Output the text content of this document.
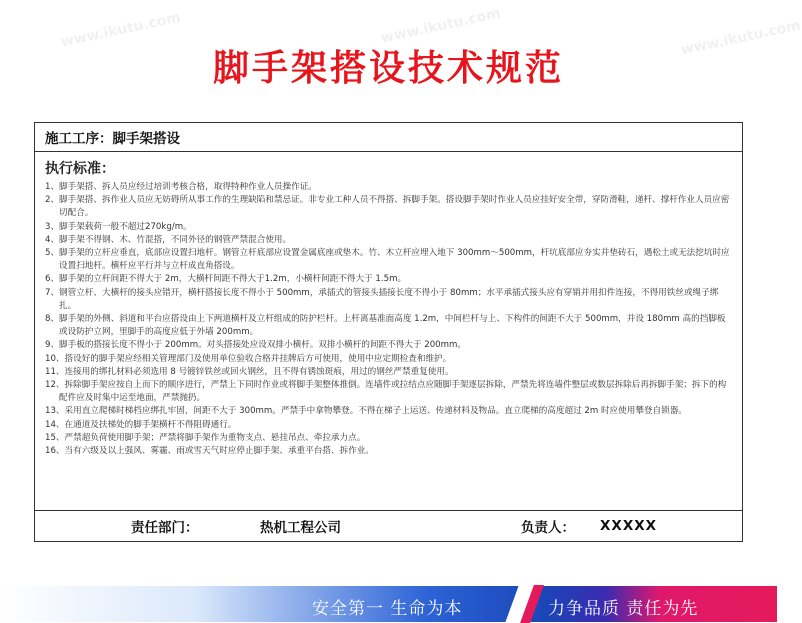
www.ikutu.com	www.ikutu.com	www.ikutu.com
脚手架搭设技术规范
施工工序： 脚手架搭设
执行标准：
1、脚手架搭、拆人员应经过培训考核合格，取得特种作业人员操作证。
2、脚手架搭、拆作业人员应无妨碍所从事工作的生理缺陷和禁忌证。非专业工种人员不得搭、拆脚手架。搭设脚手架时作业人员应挂好安全带，穿防滑鞋，递杆、撑杆作业人员应密切配合。
3、脚手架载荷一般不超过270kg/m。
4、脚手架不得钢、木、竹混搭，不同外径的钢管严禁混合使用。
5、脚手架的立杆应垂直，底部应设置扫地杆。钢管立杆底部应设置金属底座或垫木。竹、木立杆应埋入地下 300mm～500mm，杆坑底部应夯实并垫砖石，遇松土或无法挖坑时应设置扫地杆。横杆应平行并与立杆成直角搭设。
6、脚手架的立杆间距不得大于 2m，大横杆间距不得大于1.2m，小横杆间距不得大于 1.5m。
7、钢管立杆、大横杆的接头应错开，横杆搭接长度不得小于 500mm，承插式的管接头插接长度不得小于 80mm；水平承插式接头应有穿销并用扣件连接，不得用铁丝或绳子绑扎。
8、脚手架的外侧、斜道和平台应搭设由上下两道横杆及立杆组成的防护栏杆。上杆离基准面高度 1.2m，中间栏杆与上、下构件的间距不大于 500mm，并设 180mm 高的挡脚板或设防护立网，里脚手的高度应低于外墙 200mm。
9、脚手板的搭接长度不得小于 200mm。对头搭接处应设双排小横杆。双排小横杆的间距不得大于 200mm。
10、搭设好的脚手架应经相关管理部门及使用单位验收合格并挂牌后方可使用，使用中应定期检查和维护。
11、连接用的绑扎材料必须选用 8 号镀锌铁丝或回火钢丝，且不得有锈蚀斑痕，用过的钢丝严禁重复使用。
12、拆除脚手架应按自上而下的顺序进行，严禁上下同时作业或将脚手架整体推倒。连墙件或拉结点应随脚手架逐层拆除，严禁先将连墙件整层或数层拆除后再拆脚手架；拆下的构配件应及时集中运至地面，严禁抛扔。
13、采用直立爬梯时梯档应绑扎牢固，间距不大于 300mm。严禁手中拿物攀登。不得在梯子上运送、传递材料及物品。直立爬梯的高度超过 2m 时应使用攀登自锁器。
14、在通道及扶梯处的脚手架横杆不得阻碍通行。
15、严禁超负荷使用脚手架；严禁将脚手架作为重物支点、悬挂吊点、牵拉承力点。
16、当有六级及以上强风、雾霾、雨或雪天气时应停止脚手架、承重平台搭、拆作业。
责任部门：	热机工程公司	负责人： XXXXX
安全第一 生命为本	力争品质 责任为先
